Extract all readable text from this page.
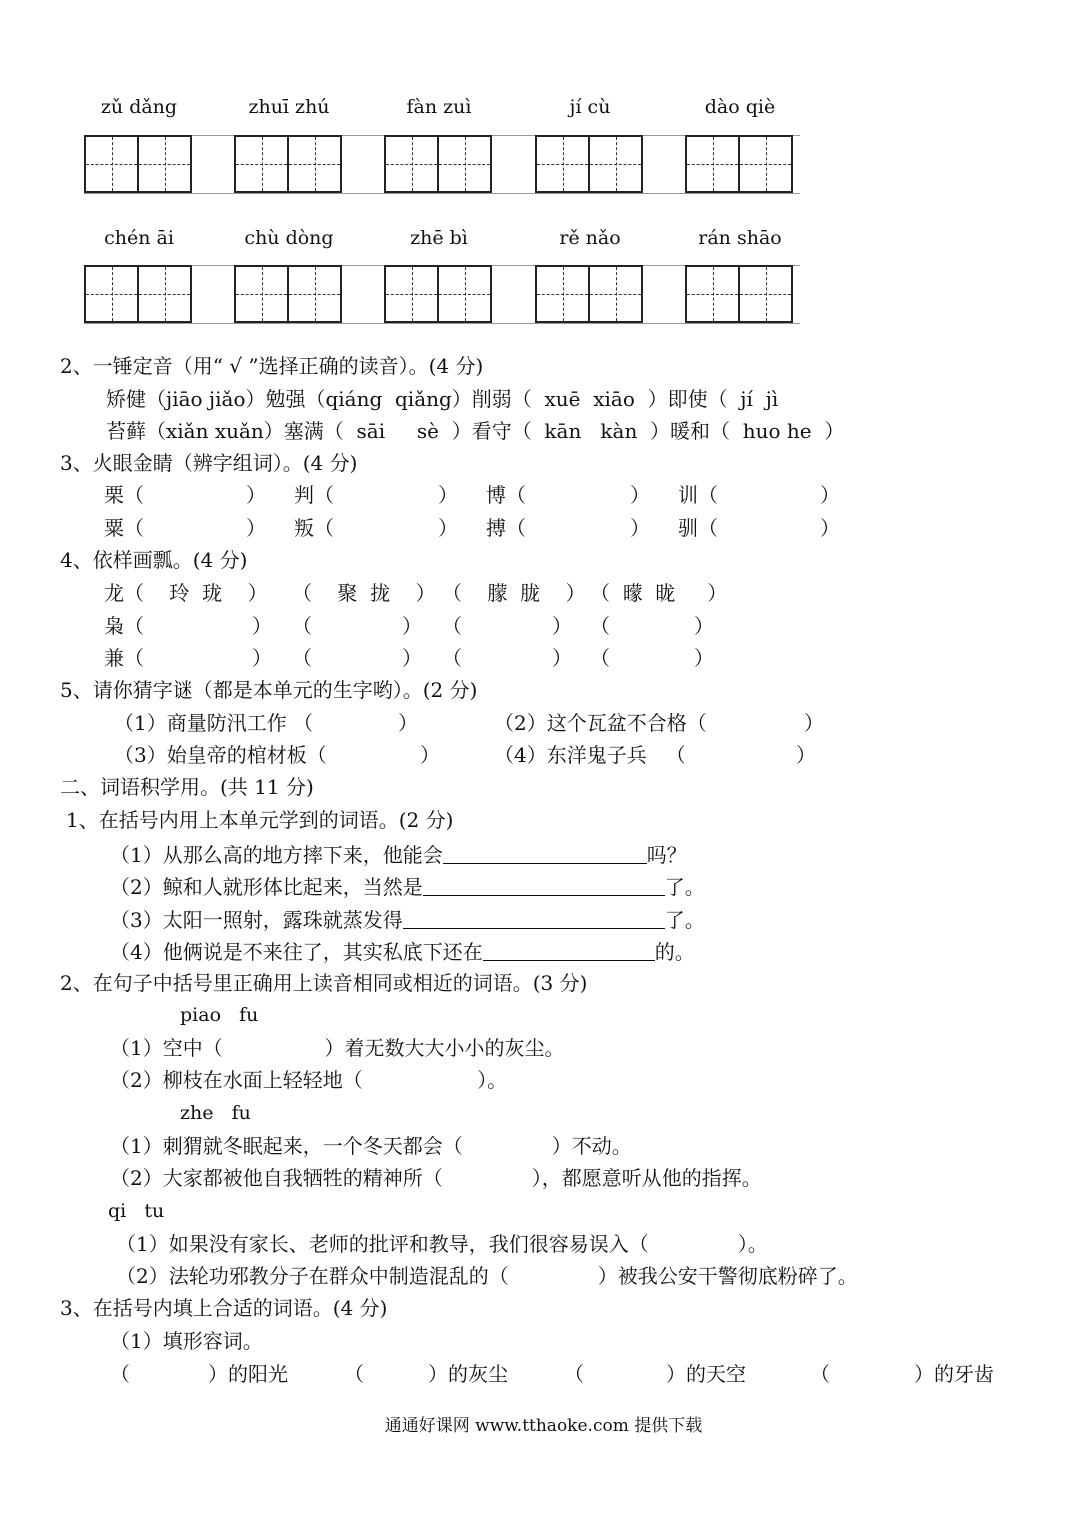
zǔ dǎng	zhuī zhú	fàn zuì	jí cù	dào qiè
chén āi	chù dòng	zhē bì	rě nǎo	rán shāo
2、一锤定音（用“ √ ”选择正确的读音）。(4 分)
矫健（jiāo jiǎo）勉强（qiáng  qiǎng）削弱（  xuē  xiāo  ）即使（  jí  jì
苔藓（xiǎn xuǎn）塞满（  sāi     sè  ）看守（  kān   kàn  ）暖和（  huo he  ）
3、火眼金睛（辨字组词）。(4 分)
栗（	） 判（	） 博（	） 训（	）
粟（	） 叛（	） 搏（	） 驯（	）
4、依样画瓢。(4 分)
龙（    玲  珑    ） （    聚  拢    ） （    朦  胧    ） （  曚  昽     ）
枭（	） （	） （	） （	）
兼（	） （	） （	） （	）
5、请你猜字谜（都是本单元的生字哟）。(2 分)
（1）商量防汛工作 （	）	（2）这个瓦盆不合格（	）
（3）始皇帝的棺材板（	）	（4）东洋鬼子兵   （	）
二、词语积学用。(共 11 分)
1、在括号内用上本单元学到的词语。(2 分)
（1）从那么高的地方摔下来，他能会	吗？
（2）鲸和人就形体比起来，当然是	了。
（3）太阳一照射，露珠就蒸发得	了。
（4）他俩说是不来往了，其实私底下还在	的。
2、在句子中括号里正确用上读音相同或相近的词语。(3 分)
piao   fu
（1）空中（                ）着无数大大小小的灰尘。
（2）柳枝在水面上轻轻地（                  ）。
zhe   fu
（1）刺猬就冬眠起来，一个冬天都会（              ）不动。
（2）大家都被他自我牺牲的精神所（              ），都愿意听从他的指挥。
qi   tu
（1）如果没有家长、老师的批评和教导，我们很容易误入（              ）。
（2）法轮功邪教分子在群众中制造混乱的（              ）被我公安干警彻底粉碎了。
3、在括号内填上合适的词语。(4 分)
（1）填形容词。
（	）的阳光	（	）的灰尘	（	）的天空	（	）的牙齿
通通好课网 www.tthaoke.com 提供下载
